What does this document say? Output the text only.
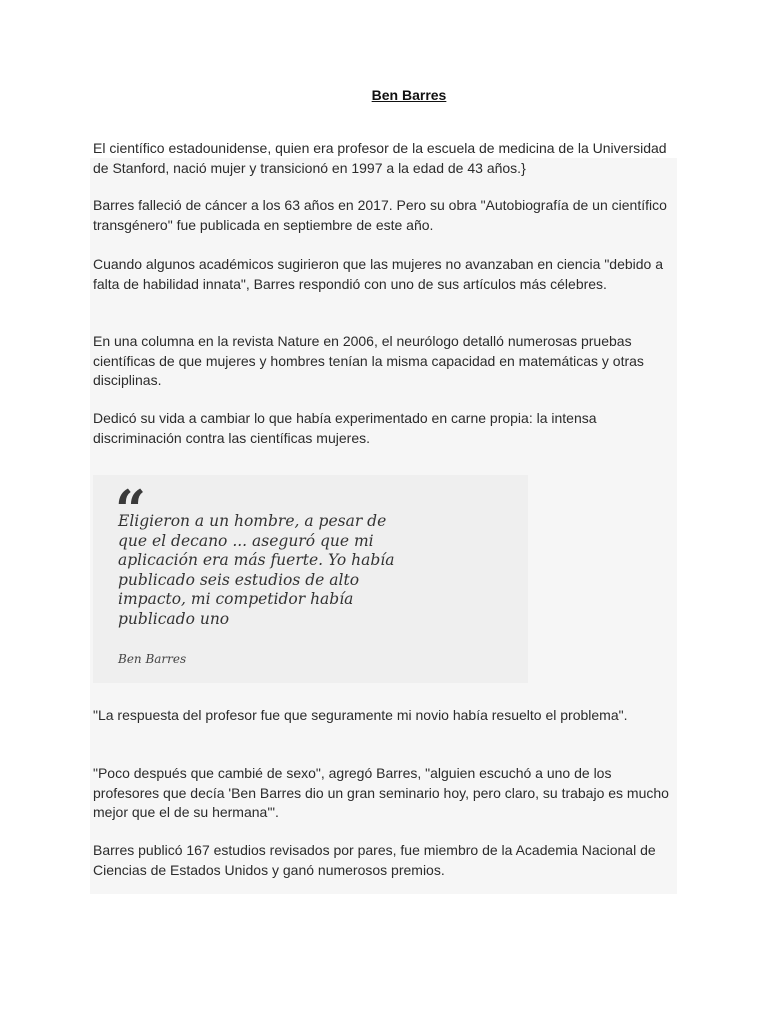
Ben Barres

Barres falleció de cáncer a los 63 años en 2017. Pero su obra "Autobiografía de un científico transgénero" fue publicada en septiembre de este año.

Cuando algunos académicos sugirieron que las mujeres no avanzaban en ciencia "debido a falta de habilidad innata", Barres respondió con uno de sus artículos más célebres.

En una columna en la revista Nature en 2006, el neurólogo detalló numerosas pruebas científicas de que mujeres y hombres tenían la misma capacidad en matemáticas y otras disciplinas.

Dedicó su vida a cambiar lo que había experimentado en carne propia: la intensa discriminación contra las científicas mujeres.

“

Eligieron a un hombre, a pesar de que el decano ... aseguró que mi aplicación era más fuerte. Yo había publicado seis estudios de alto impacto, mi competidor había publicado uno

Ben Barres

"La respuesta del profesor fue que seguramente mi novio había resuelto el problema".

"Poco después que cambié de sexo", agregó Barres, "alguien escuchó a uno de los profesores que decía 'Ben Barres dio un gran seminario hoy, pero claro, su trabajo es mucho mejor que el de su hermana'".

Barres publicó 167 estudios revisados por pares, fue miembro de la Academia Nacional de Ciencias de Estados Unidos y ganó numerosos premios.

El científico estadounidense, quien era profesor de la escuela de medicina de la Universidad de Stanford, nació mujer y transicionó en 1997 a la edad de 43 años.}
